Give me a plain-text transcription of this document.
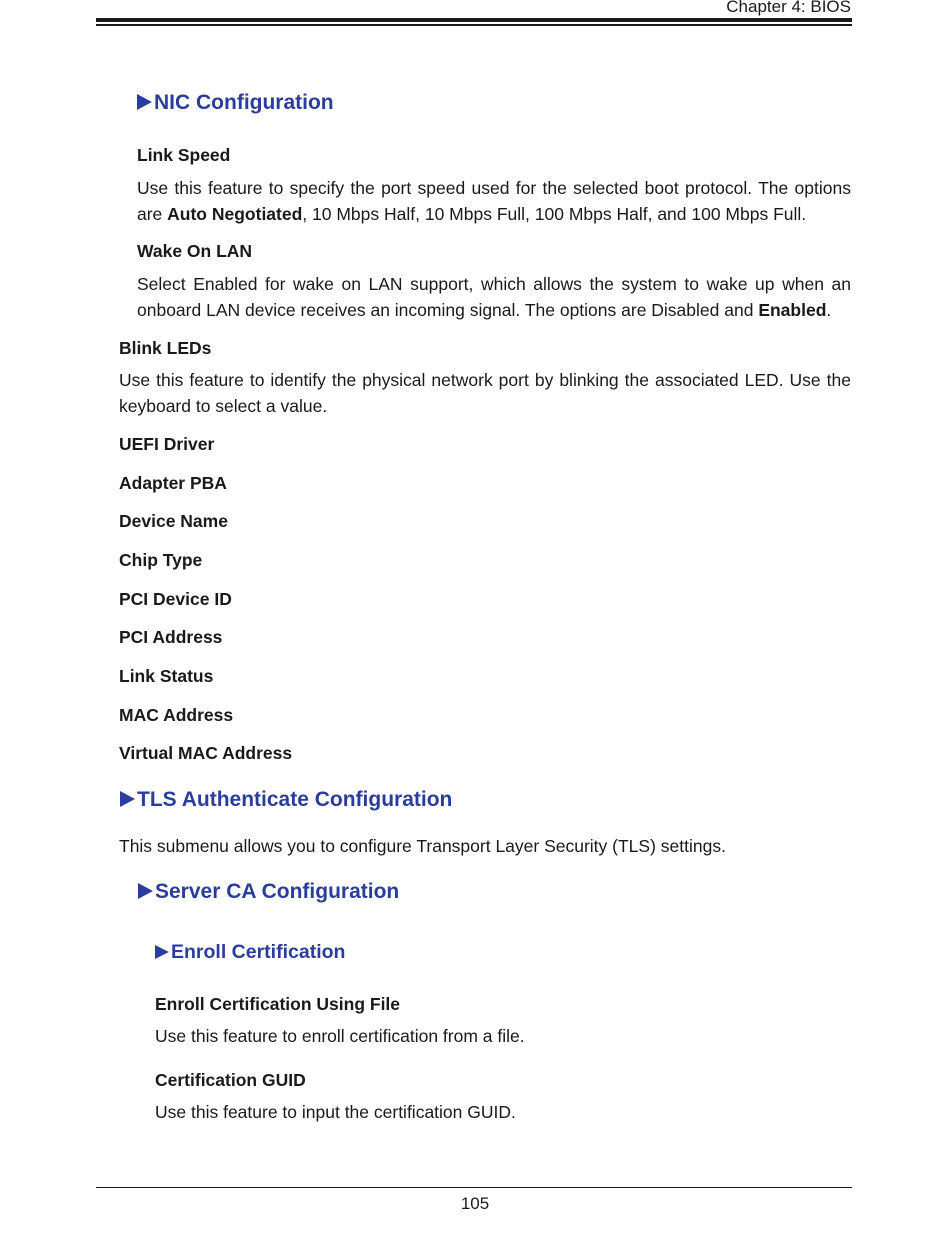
Chapter 4: BIOS
NIC Configuration
Link Speed
Use this feature to specify the port speed used for the selected boot protocol. The options are Auto Negotiated, 10 Mbps Half, 10 Mbps Full, 100 Mbps Half, and 100 Mbps Full.
Wake On LAN
Select Enabled for wake on LAN support, which allows the system to wake up when an onboard LAN device receives an incoming signal. The options are Disabled and Enabled.
Blink LEDs
Use this feature to identify the physical network port by blinking the associated LED. Use the keyboard to select a value.
UEFI Driver
Adapter PBA
Device Name
Chip Type
PCI Device ID
PCI Address
Link Status
MAC Address
Virtual MAC Address
TLS Authenticate Configuration
This submenu allows you to configure Transport Layer Security (TLS) settings.
Server CA Configuration
Enroll Certification
Enroll Certification Using File
Use this feature to enroll certification from a file.
Certification GUID
Use this feature to input the certification GUID.
105
